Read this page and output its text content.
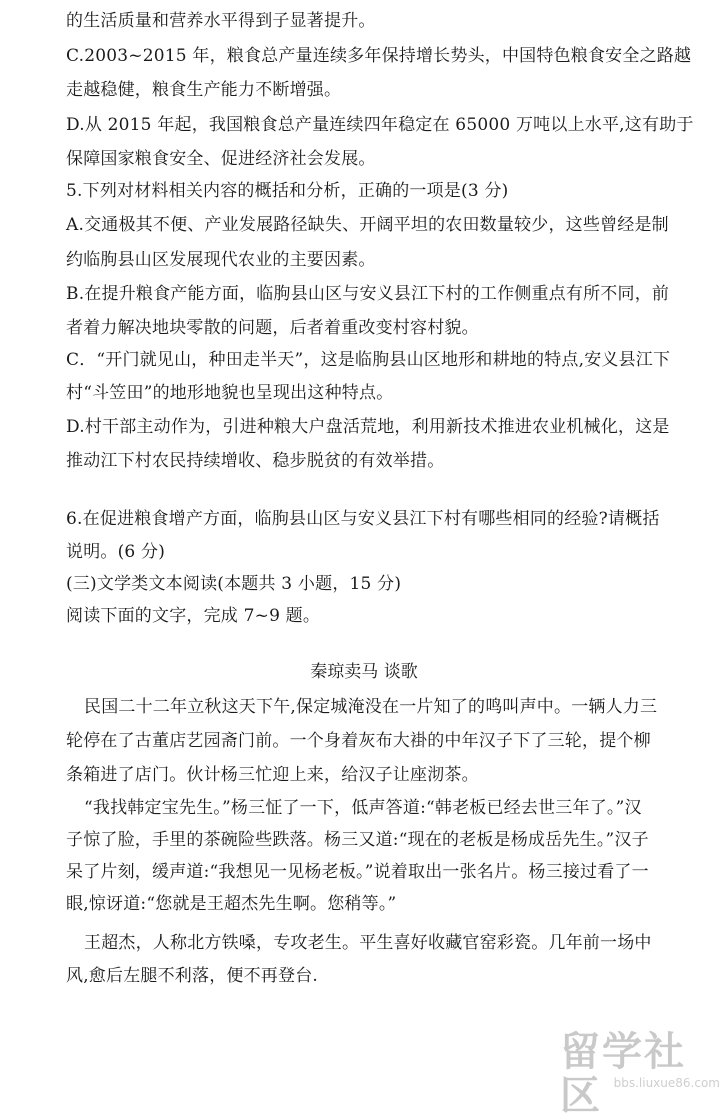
的生活质量和营养水平得到子显著提升。
C.2003~2015 年，粮食总产量连续多年保持增长势头，中国特色粮食安全之路越
走越稳健，粮食生产能力不断增强。
D.从 2015 年起，我国粮食总产量连续四年稳定在 65000 万吨以上水平,这有助于
保障国家粮食安全、促进经济社会发展。
5.下列对材料相关内容的概括和分析，正确的一项是(3 分)
A.交通极其不便、产业发展路径缺失、开阔平坦的农田数量较少，这些曾经是制
约临朐县山区发展现代农业的主要因素。
B.在提升粮食产能方面，临朐县山区与安义县江下村的工作侧重点有所不同，前
者着力解决地块零散的问题，后者着重改变村容村貌。
C．“开门就见山，种田走半天”，这是临朐县山区地形和耕地的特点,安义县江下
村“斗笠田”的地形地貌也呈现出这种特点。
D.村干部主动作为，引进种粮大户盘活荒地，利用新技术推进农业机械化，这是
推动江下村农民持续增收、稳步脱贫的有效举措。
6.在促进粮食增产方面，临朐县山区与安义县江下村有哪些相同的经验?请概括
说明。(6 分)
(三)文学类文本阅读(本题共 3 小题，15 分)
阅读下面的文字，完成 7~9 题。
秦琼卖马 谈歌
民国二十二年立秋这天下午,保定城淹没在一片知了的鸣叫声中。一辆人力三
轮停在了古董店艺园斋门前。一个身着灰布大褂的中年汉子下了三轮，提个柳
条箱进了店门。伙计杨三忙迎上来，给汉子让座沏茶。
“我找韩定宝先生。”杨三怔了一下，低声答道:“韩老板已经去世三年了。”汉
子惊了脸，手里的茶碗险些跌落。杨三又道:“现在的老板是杨成岳先生。”汉子
呆了片刻，缓声道:“我想见一见杨老板。”说着取出一张名片。杨三接过看了一
眼,惊讶道:“您就是王超杰先生啊。您稍等。”
王超杰，人称北方铁嗓，专攻老生。平生喜好收藏官窑彩瓷。几年前一场中
风,愈后左腿不利落，便不再登台.
留学社区 bbs.liuxue86.com
